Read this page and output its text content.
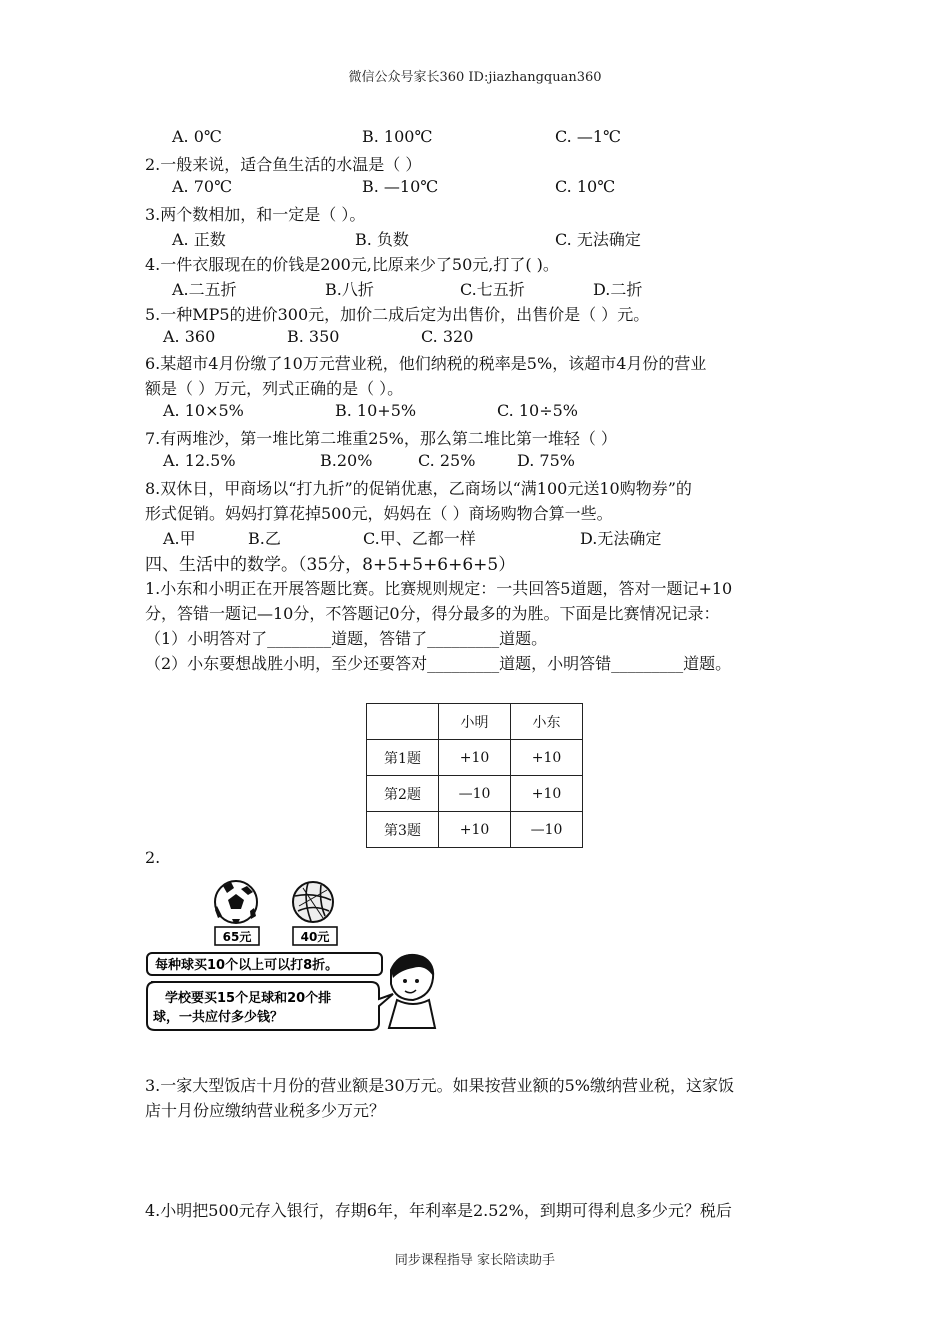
微信公众号家长360 ID:jiazhangquan360
A. 0℃	B. 100℃	C. —1℃
2.一般来说，适合鱼生活的水温是（ ）
A. 70℃	B. —10℃	C. 10℃
3.两个数相加，和一定是（ ）。
A. 正数	B. 负数	C. 无法确定
4.一件衣服现在的价钱是200元,比原来少了50元,打了( )。
A.二五折	B.八折	C.七五折	D.二折
5.一种MP5的进价300元，加价二成后定为出售价，出售价是（ ）元。
A. 360	B. 350	C. 320
6.某超市4月份缴了10万元营业税，他们纳税的税率是5%，该超市4月份的营业
额是（ ）万元，列式正确的是（ ）。
A. 10×5%	B. 10+5%	C. 10÷5%
7.有两堆沙，第一堆比第二堆重25%，那么第二堆比第一堆轻（ ）
A. 12.5%	B.20%	C. 25%	D. 75%
8.双休日，甲商场以“打九折”的促销优惠，乙商场以“满100元送10购物券”的
形式促销。妈妈打算花掉500元，妈妈在（ ）商场购物合算一些。
A.甲	B.乙	C.甲、乙都一样	D.无法确定
四、生活中的数学。（35分，8+5+5+6+6+5）
1.小东和小明正在开展答题比赛。比赛规则规定：一共回答5道题，答对一题记+10
分，答错一题记—10分，不答题记0分，得分最多的为胜。下面是比赛情况记录：
（1）小明答对了________道题，答错了_________道题。
（2）小东要想战胜小明，至少还要答对_________道题，小明答错_________道题。
	小明	小东
第1题	+10	+10
第2题	—10	+10
第3题	+10	—10
2.
65元	40元
每种球买10个以上可以打8折。
学校要买15个足球和20个排
球，一共应付多少钱？
3.一家大型饭店十月份的营业额是30万元。如果按营业额的5%缴纳营业税，这家饭
店十月份应缴纳营业税多少万元？
4.小明把500元存入银行，存期6年，年利率是2.52%，到期可得利息多少元？税后
同步课程指导 家长陪读助手
